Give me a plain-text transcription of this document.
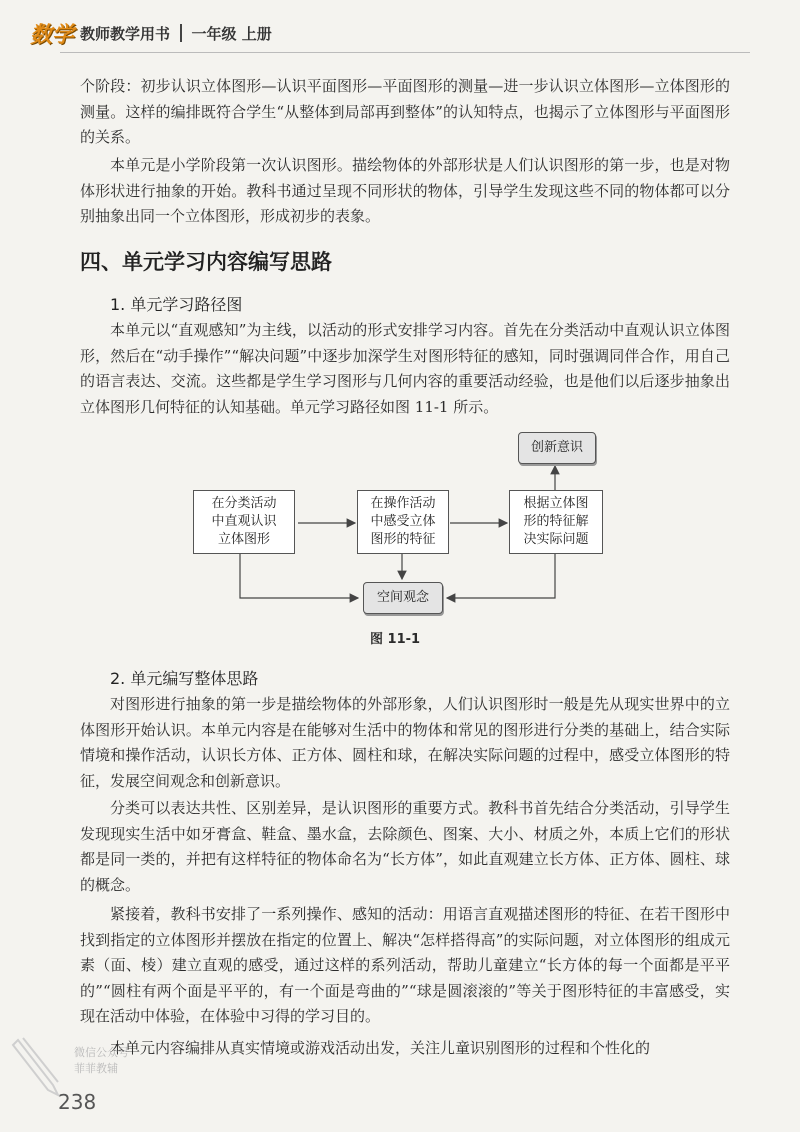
数学 教师教学用书 一年级 上册

个阶段：初步认识立体图形—认识平面图形—平面图形的测量—进一步认识立体图形—立体图形的测量。这样的编排既符合学生“从整体到局部再到整体”的认知特点，也揭示了立体图形与平面图形的关系。

本单元是小学阶段第一次认识图形。描绘物体的外部形状是人们认识图形的第一步，也是对物体形状进行抽象的开始。教科书通过呈现不同形状的物体，引导学生发现这些不同的物体都可以分别抽象出同一个立体图形，形成初步的表象。

四、单元学习内容编写思路
1. 单元学习路径图

本单元以“直观感知”为主线，以活动的形式安排学习内容。首先在分类活动中直观认识立体图形，然后在“动手操作”“解决问题”中逐步加深学生对图形特征的感知，同时强调同伴合作，用自己的语言表达、交流。这些都是学生学习图形与几何内容的重要活动经验，也是他们以后逐步抽象出立体图形几何特征的认知基础。单元学习路径如图 11-1 所示。

创新意识
在分类活动
中直观认识
立体图形
在操作活动
中感受立体
图形的特征
根据立体图
形的特征解
决实际问题
空间观念
图 11-1
2. 单元编写整体思路

对图形进行抽象的第一步是描绘物体的外部形象，人们认识图形时一般是先从现实世界中的立体图形开始认识。本单元内容是在能够对生活中的物体和常见的图形进行分类的基础上，结合实际情境和操作活动，认识长方体、正方体、圆柱和球，在解决实际问题的过程中，感受立体图形的特征，发展空间观念和创新意识。

分类可以表达共性、区别差异，是认识图形的重要方式。教科书首先结合分类活动，引导学生发现现实生活中如牙膏盒、鞋盒、墨水盒，去除颜色、图案、大小、材质之外，本质上它们的形状都是同一类的，并把有这样特征的物体命名为“长方体”，如此直观建立长方体、正方体、圆柱、球的概念。

紧接着，教科书安排了一系列操作、感知的活动：用语言直观描述图形的特征、在若干图形中找到指定的立体图形并摆放在指定的位置上、解决“怎样搭得高”的实际问题，对立体图形的组成元素（面、棱）建立直观的感受，通过这样的系列活动，帮助儿童建立“长方体的每一个面都是平平的”“圆柱有两个面是平平的，有一个面是弯曲的”“球是圆滚滚的”等关于图形特征的丰富感受，实现在活动中体验，在体验中习得的学习目的。

本单元内容编排从真实情境或游戏活动出发，关注儿童识别图形的过程和个性化的

微信公众号
菲菲教辅
238
